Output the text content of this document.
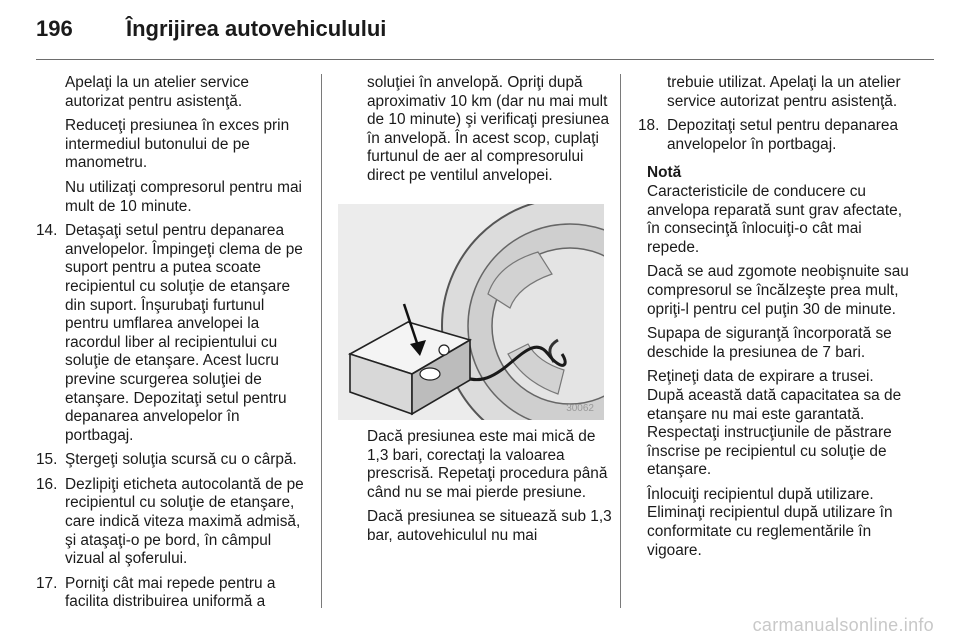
196	Îngrijirea autovehiculului

Apelaţi la un atelier service autorizat pentru asistenţă.

Reduceţi presiunea în exces prin intermediul butonului de pe manometru.

Nu utilizaţi compresorul pentru mai mult de 10 minute.

14. Detaşaţi setul pentru depanarea anvelopelor. Împingeţi clema de pe suport pentru a putea scoate recipientul cu soluţie de etanşare din suport. Înşurubaţi furtunul pentru umflarea anvelopei la racordul liber al recipientului cu soluţie de etanşare. Acest lucru previne scurgerea soluţiei de etanşare. Depozitaţi setul pentru depanarea anvelopelor în portbagaj.
15. Ştergeţi soluţia scursă cu o cârpă.
16. Dezlipiţi eticheta autocolantă de pe recipientul cu soluţie de etanşare, care indică viteza maximă admisă, şi ataşaţi-o pe bord, în câmpul vizual al şoferului.
17. Porniţi cât mai repede pentru a facilita distribuirea uniformă a

soluţiei în anvelopă. Opriţi după aproximativ 10 km (dar nu mai mult de 10 minute) şi verificaţi presiunea în anvelopă. În acest scop, cuplaţi furtunul de aer al compresorului direct pe ventilul anvelopei.

30062

Dacă presiunea este mai mică de 1,3 bari, corectaţi la valoarea prescrisă. Repetaţi procedura până când nu se mai pierde presiune.

Dacă presiunea se situează sub 1,3 bar, autovehiculul nu mai

trebuie utilizat. Apelaţi la un atelier service autorizat pentru asistenţă.

18. Depozitaţi setul pentru depanarea anvelopelor în portbagaj.
Notă

Caracteristicile de conducere cu anvelopa reparată sunt grav afectate, în consecinţă înlocuiţi-o cât mai repede.

Dacă se aud zgomote neobişnuite sau compresorul se încălzeşte prea mult, opriţi-l pentru cel puţin 30 de minute.

Supapa de siguranţă încorporată se deschide la presiunea de 7 bari.

Reţineţi data de expirare a trusei. După această dată capacitatea sa de etanşare nu mai este garantată. Respectaţi instrucţiunile de păstrare înscrise pe recipientul cu soluţie de etanşare.

Înlocuiţi recipientul după utilizare. Eliminaţi recipientul după utilizare în conformitate cu reglementările în vigoare.

carmanualsonline.info
